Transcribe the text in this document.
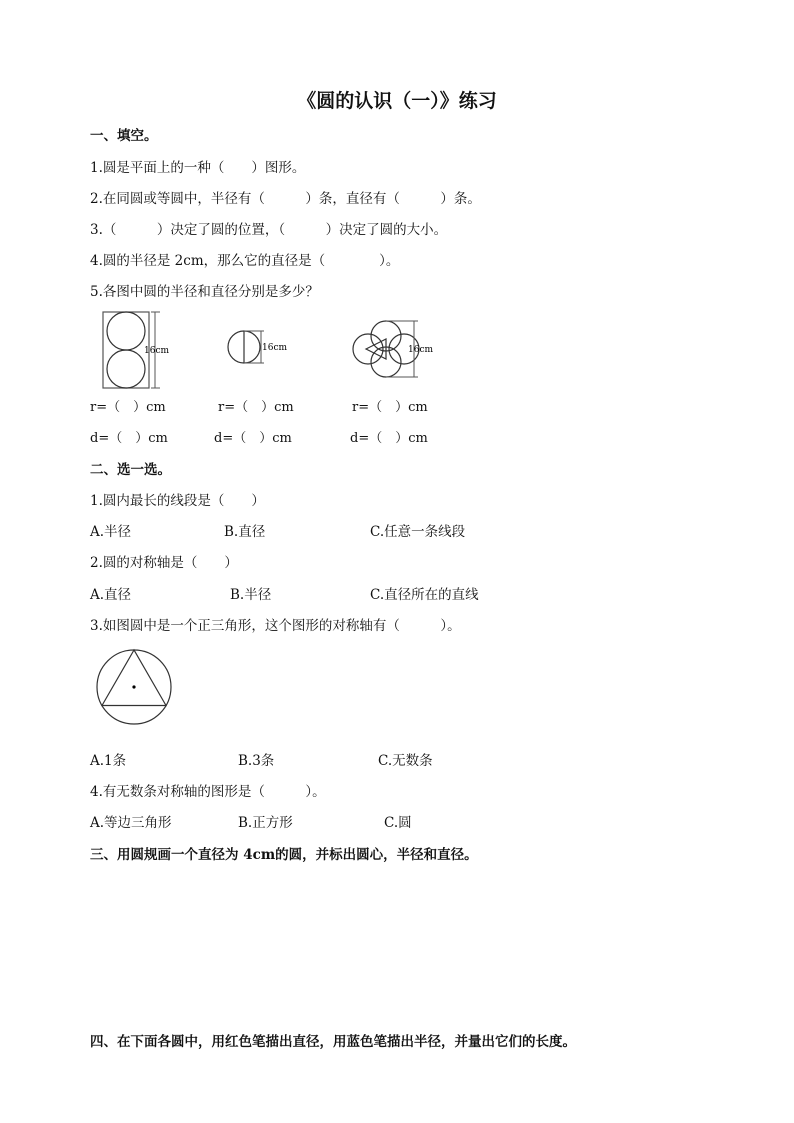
《圆的认识（一）》练习
一、填空。
1.圆是平面上的一种（　　）图形。
2.在同圆或等圆中，半径有（　　　）条，直径有（　　　）条。
3.（　　　）决定了圆的位置，（　　　）决定了圆的大小。
4.圆的半径是 2cm，那么它的直径是（　　　　）。
5.各图中圆的半径和直径分别是多少？
16cm	16cm	16cm
r=（　）cm	r=（　）cm	r=（　）cm
d=（　）cm	d=（　）cm	d=（　）cm
二、选一选。
1.圆内最长的线段是（　　）
A.半径	B.直径	C.任意一条线段
2.圆的对称轴是（　　）
A.直径	B.半径	C.直径所在的直线
3.如图圆中是一个正三角形，这个图形的对称轴有（　　　）。
A.1条	B.3条	C.无数条
4.有无数条对称轴的图形是（　　　）。
A.等边三角形	B.正方形	C.圆
三、用圆规画一个直径为 4cm的圆，并标出圆心，半径和直径。
四、在下面各圆中，用红色笔描出直径，用蓝色笔描出半径，并量出它们的长度。
